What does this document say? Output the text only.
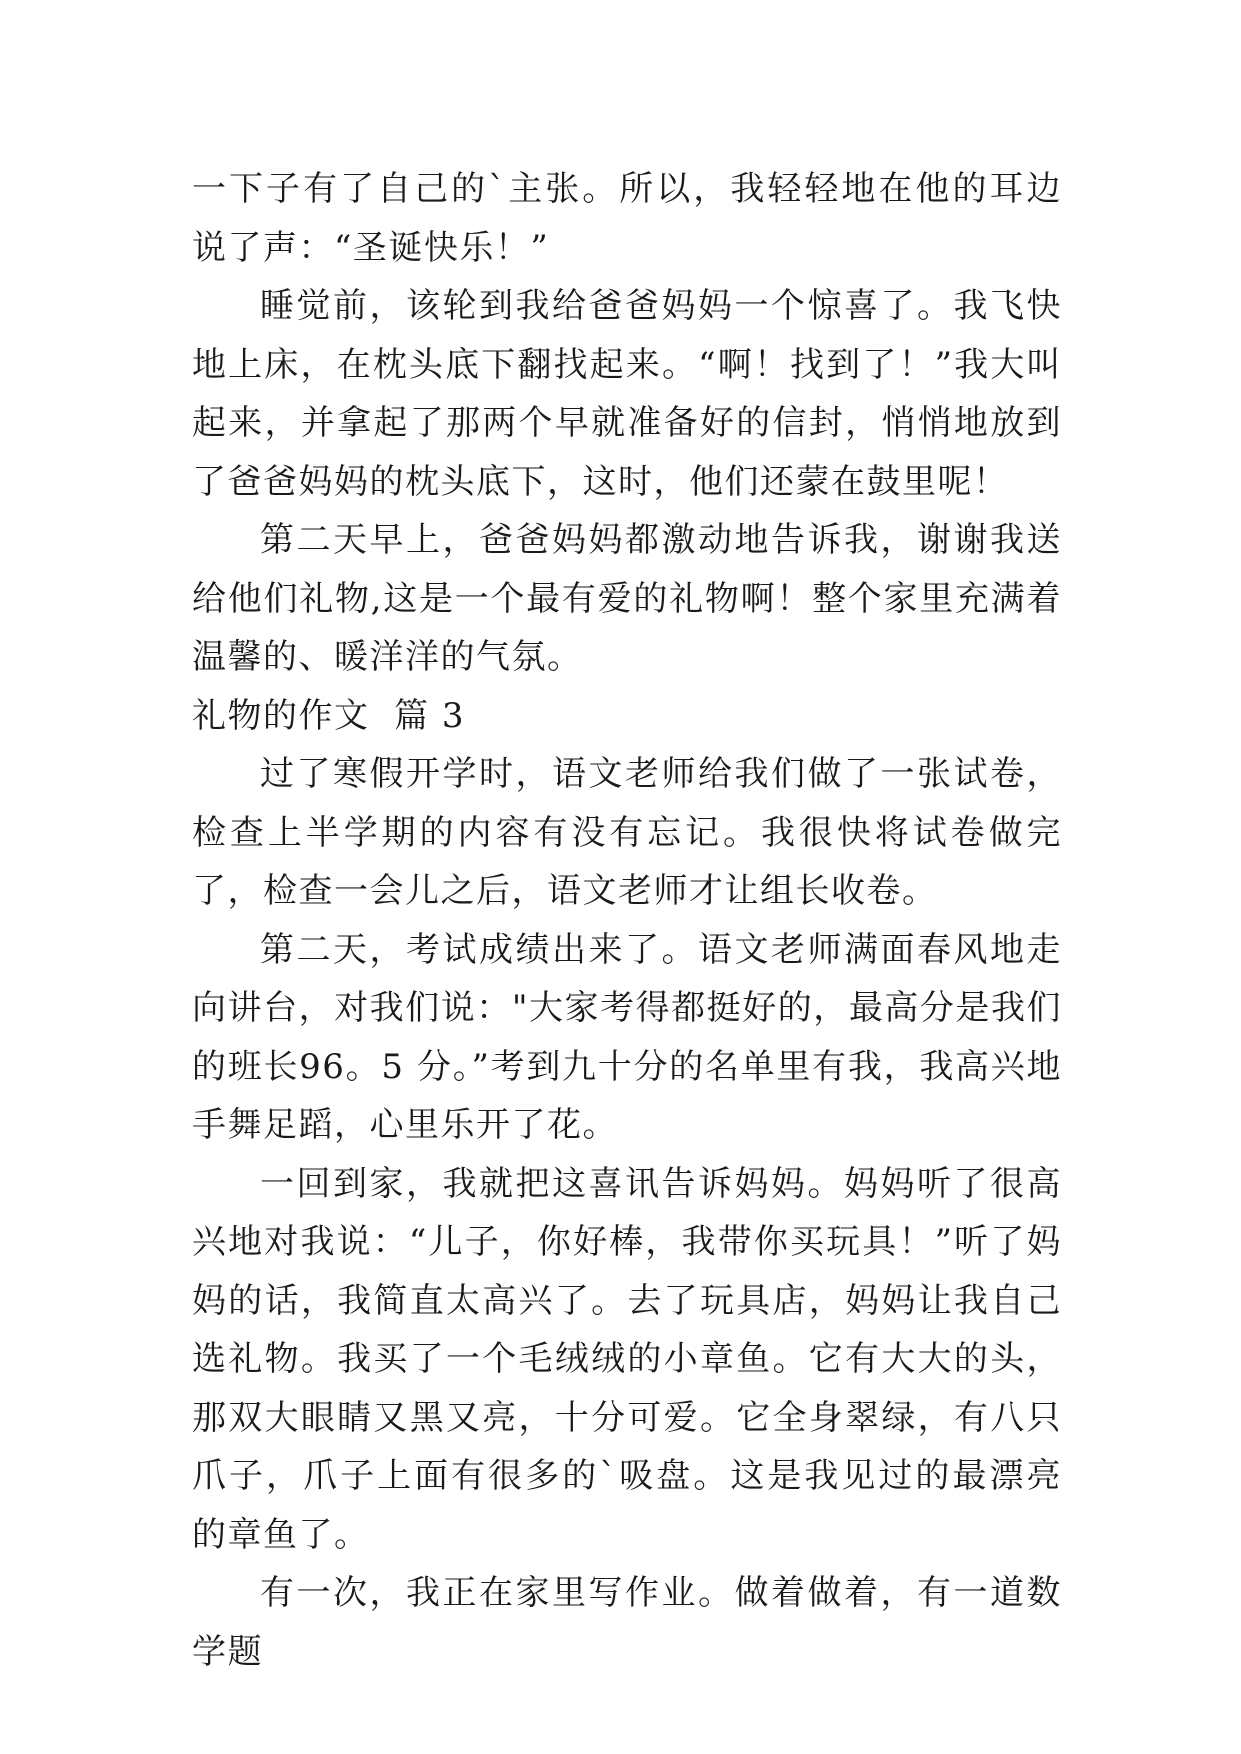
一下子有了自己的`主张。所以，我轻轻地在他的耳边说了声：“圣诞快乐！”

睡觉前，该轮到我给爸爸妈妈一个惊喜了。我飞快地上床，在枕头底下翻找起来。“啊！找到了！”我大叫起来，并拿起了那两个早就准备好的信封，悄悄地放到了爸爸妈妈的枕头底下，这时，他们还蒙在鼓里呢！

第二天早上，爸爸妈妈都激动地告诉我，谢谢我送给他们礼物,这是一个最有爱的礼物啊！整个家里充满着温馨的、暖洋洋的气氛。

礼物的作文  篇 3

过了寒假开学时，语文老师给我们做了一张试卷，检查上半学期的内容有没有忘记。我很快将试卷做完了，检查一会儿之后，语文老师才让组长收卷。

第二天，考试成绩出来了。语文老师满面春风地走向讲台，对我们说："大家考得都挺好的，最高分是我们的班长96。5 分。”考到九十分的名单里有我，我高兴地手舞足蹈，心里乐开了花。

一回到家，我就把这喜讯告诉妈妈。妈妈听了很高兴地对我说：“儿子，你好棒，我带你买玩具！”听了妈妈的话，我简直太高兴了。去了玩具店，妈妈让我自己选礼物。我买了一个毛绒绒的小章鱼。它有大大的头，那双大眼睛又黑又亮，十分可爱。它全身翠绿，有八只爪子，爪子上面有很多的`吸盘。这是我见过的最漂亮的章鱼了。

有一次，我正在家里写作业。做着做着，有一道数学题
